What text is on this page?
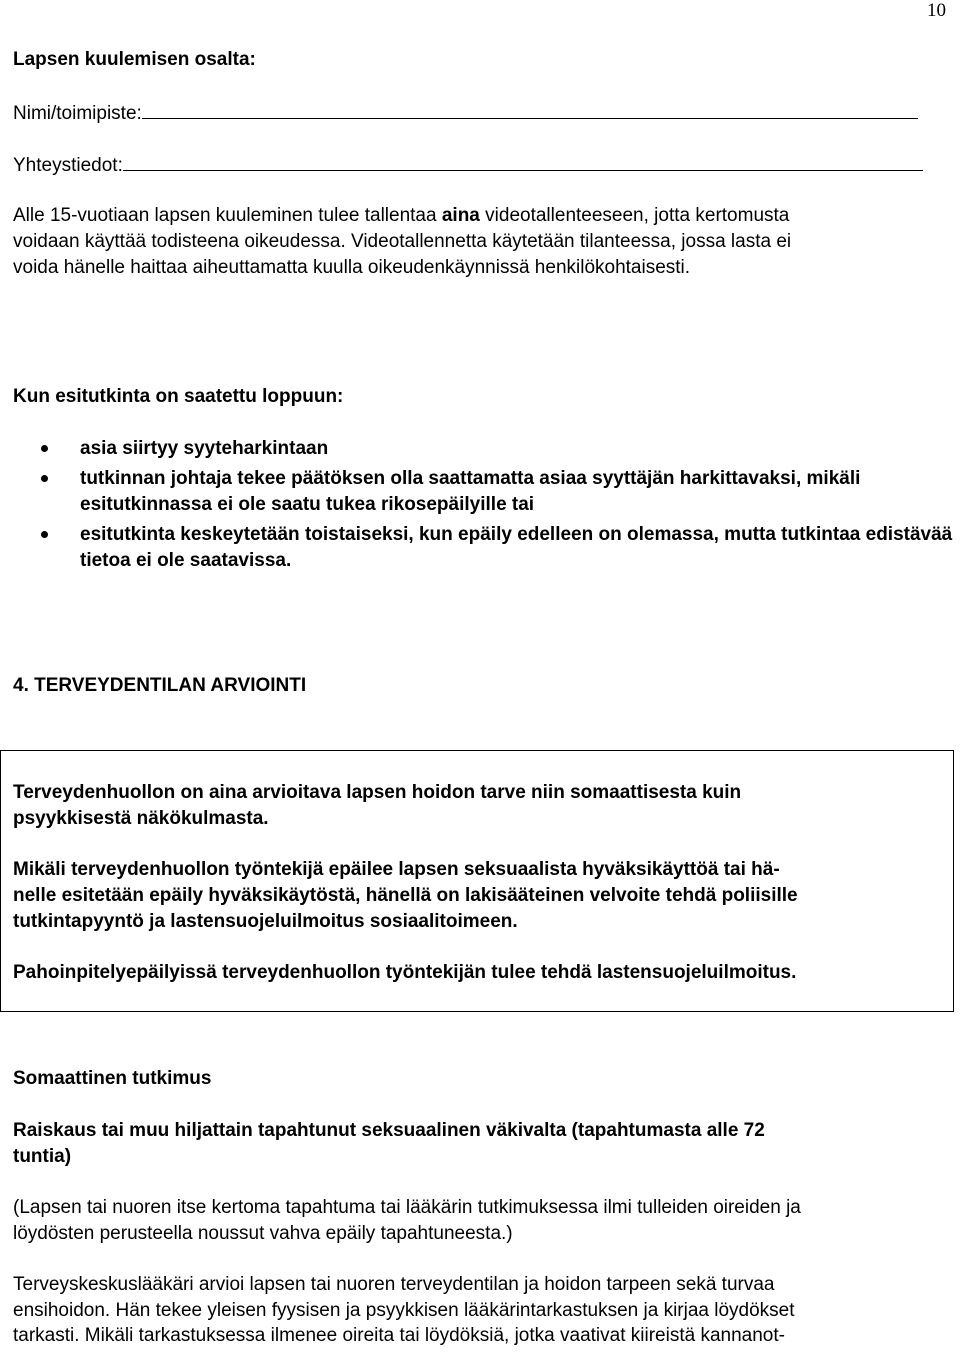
10
Lapsen kuulemisen osalta:
Nimi/toimipiste:
Yhteystiedot:
Alle 15-vuotiaan lapsen kuuleminen tulee tallentaa aina videotallenteeseen, jotta kertomusta
voidaan käyttää todisteena oikeudessa. Videotallennetta käytetään tilanteessa, jossa lasta ei
voida hänelle haittaa aiheuttamatta kuulla oikeudenkäynnissä henkilökohtaisesti.
Kun esitutkinta on saatettu loppuun:
asia siirtyy syyteharkintaan
tutkinnan johtaja tekee päätöksen olla saattamatta asiaa syyttäjän harkittavaksi, mikäli esitutkinnassa ei ole saatu tukea rikosepäilyille tai
esitutkinta keskeytetään toistaiseksi, kun epäily edelleen on olemassa, mutta tutkintaa edistävää tietoa ei ole saatavissa.
4. TERVEYDENTILAN ARVIOINTI

Terveydenhuollon on aina arvioitava lapsen hoidon tarve niin somaattisesta kuin

psyykkisestä näkökulmasta.

Mikäli terveydenhuollon työntekijä epäilee lapsen seksuaalista hyväksikäyttöä tai hä-

nelle esitetään epäily hyväksikäytöstä, hänellä on lakisääteinen velvoite tehdä poliisille

tutkintapyyntö ja lastensuojeluilmoitus sosiaalitoimeen.

Pahoinpitelyepäilyissä terveydenhuollon työntekijän tulee tehdä lastensuojeluilmoitus.

Somaattinen tutkimus
Raiskaus tai muu hiljattain tapahtunut seksuaalinen väkivalta (tapahtumasta alle 72
tuntia)
(Lapsen tai nuoren itse kertoma tapahtuma tai lääkärin tutkimuksessa ilmi tulleiden oireiden ja
löydösten perusteella noussut vahva epäily tapahtuneesta.)
Terveyskeskuslääkäri arvioi lapsen tai nuoren terveydentilan ja hoidon tarpeen sekä turvaa
ensihoidon. Hän tekee yleisen fyysisen ja psyykkisen lääkärintarkastuksen ja kirjaa löydökset
tarkasti. Mikäli tarkastuksessa ilmenee oireita tai löydöksiä, jotka vaativat kiireistä kannanot-
